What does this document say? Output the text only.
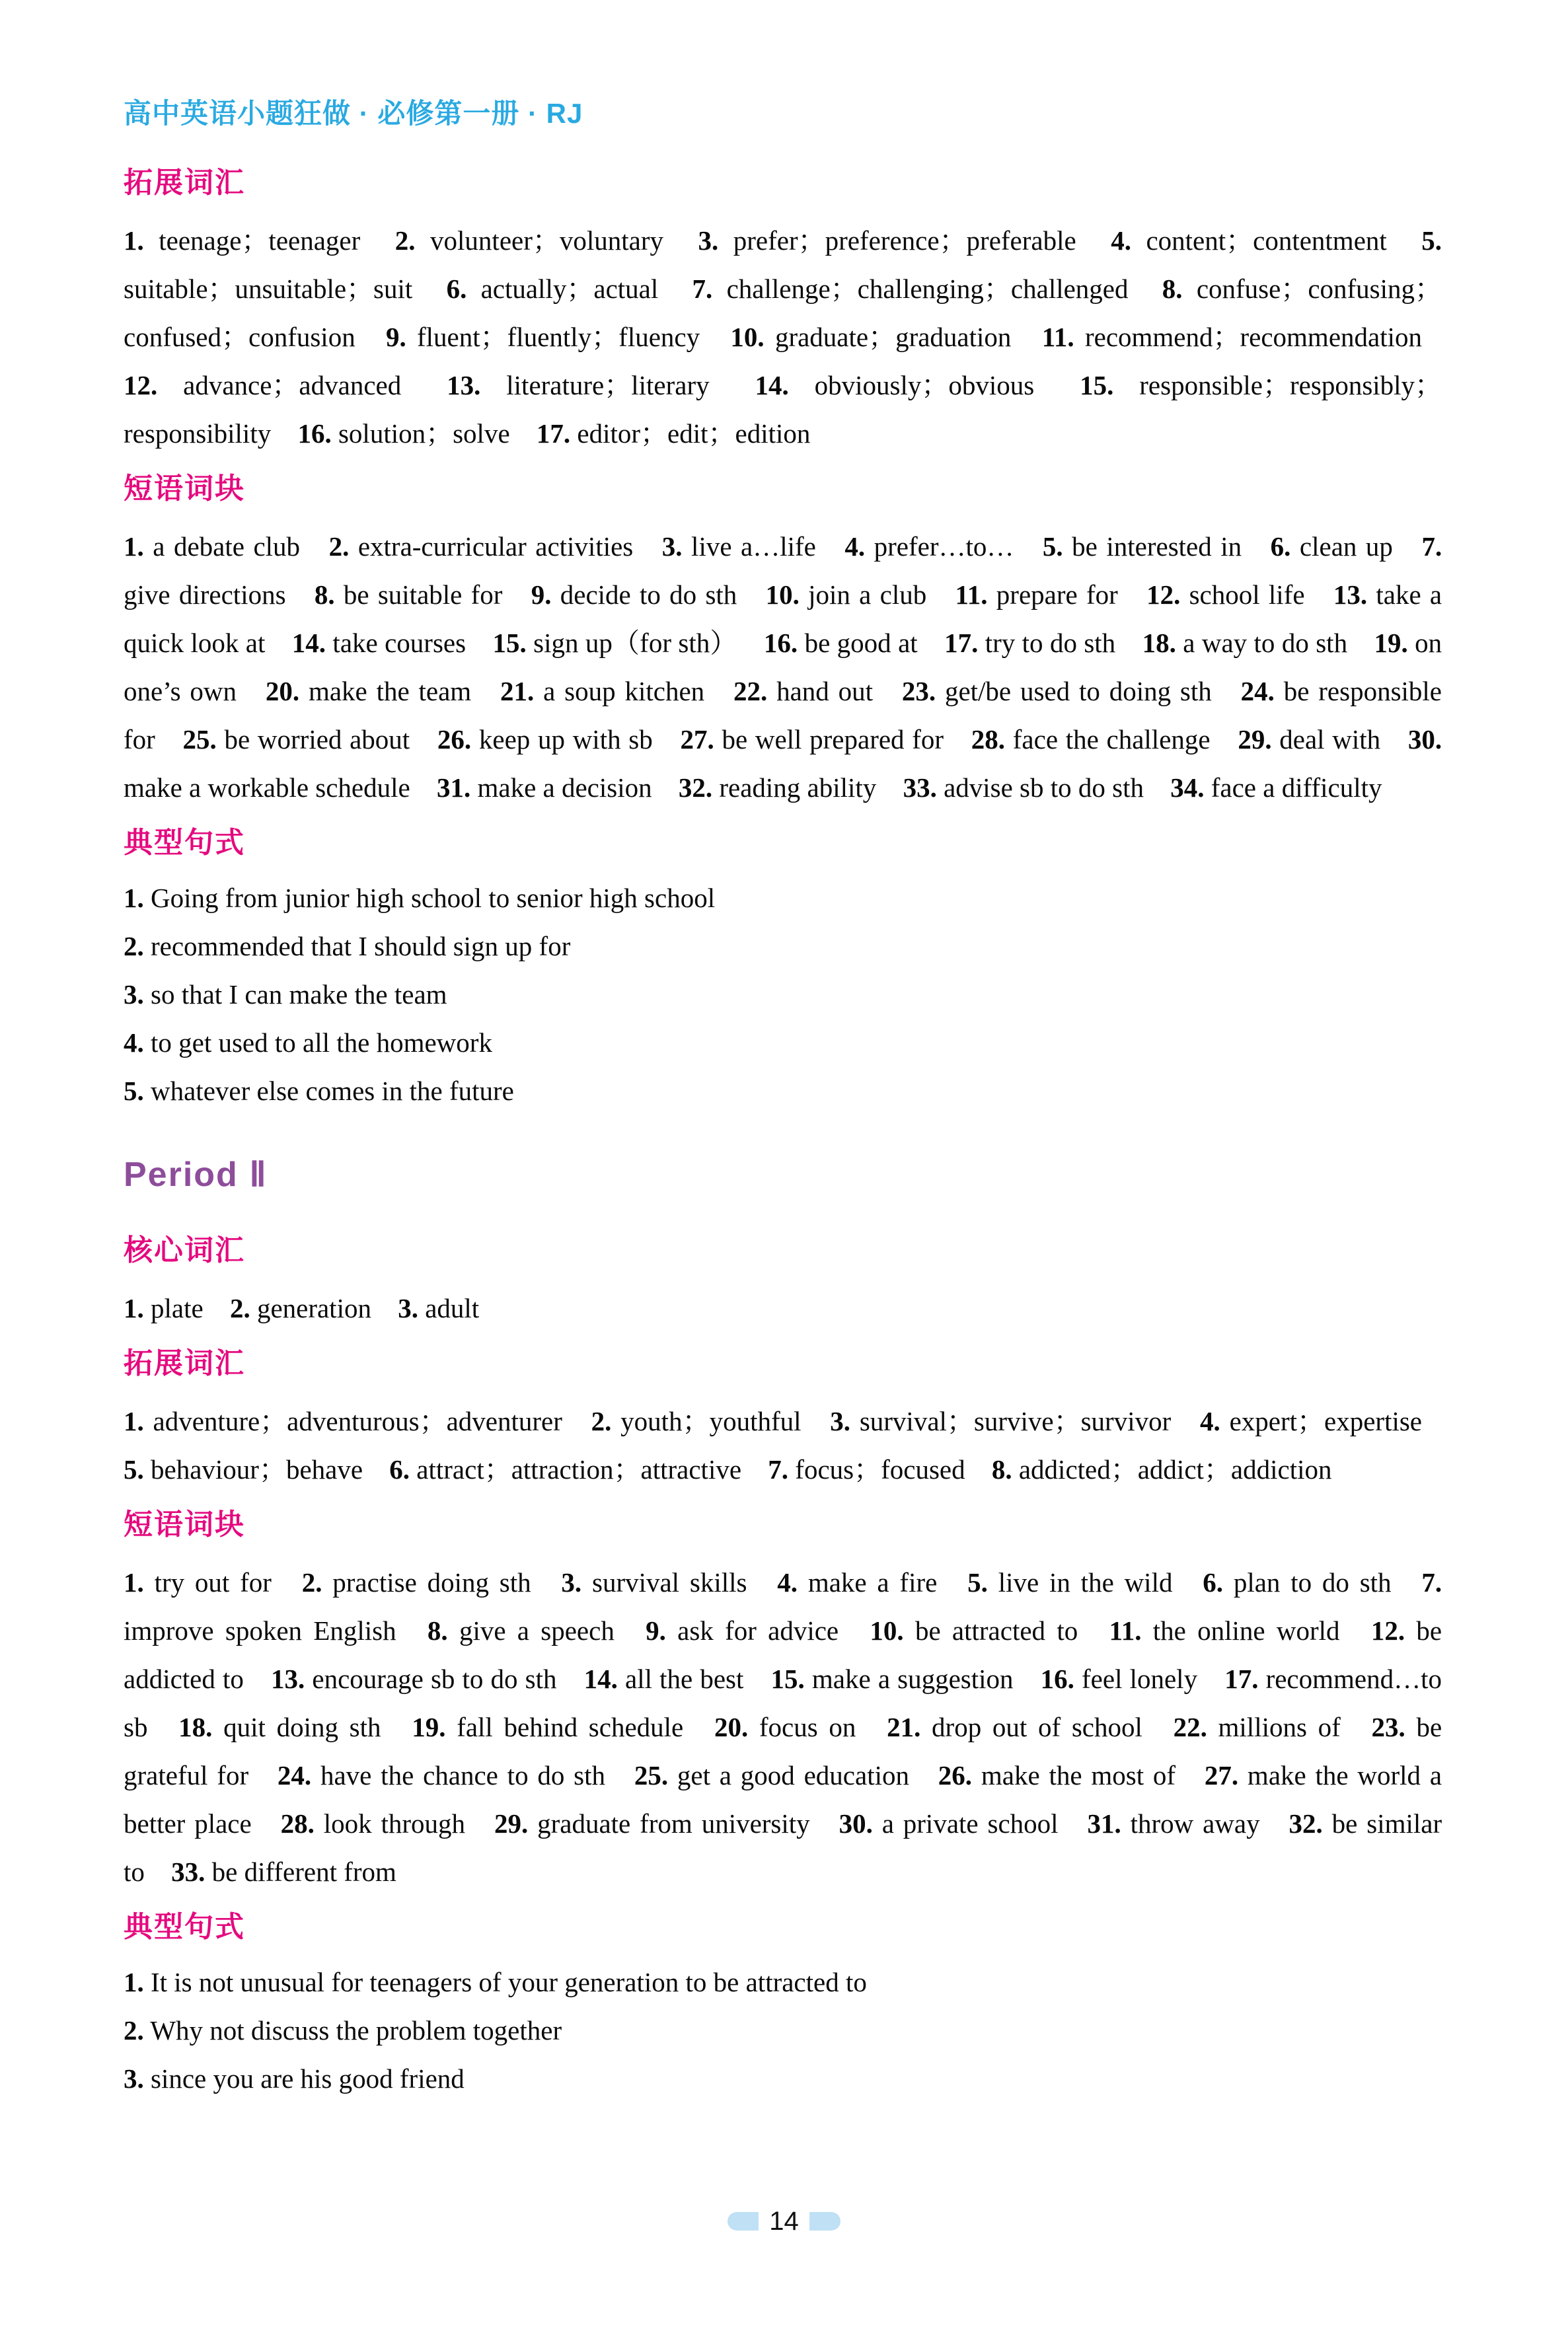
高中英语小题狂做 · 必修第一册 · RJ
拓展词汇
1. teenage；teenager 2. volunteer；voluntary 3. prefer；preference；preferable 4. content；contentment 5. suitable；unsuitable；suit 6. actually；actual 7. challenge；challenging；challenged 8. confuse；confusing；confused；confusion 9. fluent；fluently；fluency 10. graduate；graduation 11. recommend；recommendation 12. advance；advanced 13. literature；literary 14. obviously；obvious 15. responsible；responsibly；responsibility 16. solution；solve 17. editor；edit；edition
短语词块
1. a debate club 2. extra-curricular activities 3. live a…life 4. prefer…to… 5. be interested in 6. clean up 7. give directions 8. be suitable for 9. decide to do sth 10. join a club 11. prepare for 12. school life 13. take a quick look at 14. take courses 15. sign up（for sth） 16. be good at 17. try to do sth 18. a way to do sth 19. on one’s own 20. make the team 21. a soup kitchen 22. hand out 23. get/be used to doing sth 24. be responsible for 25. be worried about 26. keep up with sb 27. be well prepared for 28. face the challenge 29. deal with 30. make a workable schedule 31. make a decision 32. reading ability 33. advise sb to do sth 34. face a difficulty
典型句式
1. Going from junior high school to senior high school
2. recommended that I should sign up for
3. so that I can make the team
4. to get used to all the homework
5. whatever else comes in the future
Period Ⅱ
核心词汇
1. plate 2. generation 3. adult
拓展词汇
1. adventure；adventurous；adventurer 2. youth；youthful 3. survival；survive；survivor 4. expert；expertise 5. behaviour；behave 6. attract；attraction；attractive 7. focus；focused 8. addicted；addict；addiction
短语词块
1. try out for 2. practise doing sth 3. survival skills 4. make a fire 5. live in the wild 6. plan to do sth 7. improve spoken English 8. give a speech 9. ask for advice 10. be attracted to 11. the online world 12. be addicted to 13. encourage sb to do sth 14. all the best 15. make a suggestion 16. feel lonely 17. recommend…to sb 18. quit doing sth 19. fall behind schedule 20. focus on 21. drop out of school 22. millions of 23. be grateful for 24. have the chance to do sth 25. get a good education 26. make the most of 27. make the world a better place 28. look through 29. graduate from university 30. a private school 31. throw away 32. be similar to 33. be different from
典型句式
1. It is not unusual for teenagers of your generation to be attracted to
2. Why not discuss the problem together
3. since you are his good friend
14
